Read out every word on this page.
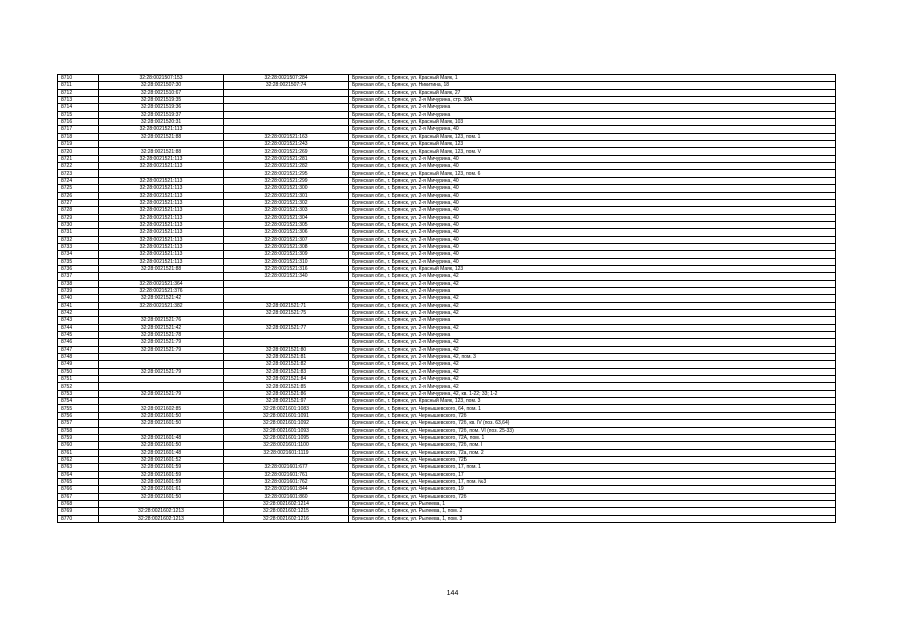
8710	32:28:0021507:153	32:28:0021507:284	Брянская обл., г. Брянск, ул. Красный Маяк, 1
8711	32:28:0021507:30	32:28:0021507:74	Брянская обл., г. Брянск, ул. Никитина, 18
8712	32:28:0021510:67		Брянская обл., г. Брянск, ул. Красный Маяк, 27
8713	32:28:0021519:35		Брянская обл., г. Брянск, ул. 2-я Мичурина, стр. 38А
8714	32:28:0021519:36		Брянская обл., г. Брянск, ул. 2-я Мичурина
8715	32:28:0021519:37		Брянская обл., г. Брянск, ул. 2-я Мичурина
8716	32:28:0021520:31		Брянская обл., г. Брянск, ул. Красный Маяк, 103
8717	32:28:0021521:113		Брянская обл., г. Брянск, ул. 2-я Мичурина, 40
8718	32:28:0021521:88	32:28:0021521:163	Брянская обл., г. Брянск, ул. Красный Маяк, 123, пом. 1
8719		32:28:0021521:243	Брянская обл., г. Брянск, ул. Красный Маяк, 123
8720	32:28:0021521:88	32:28:0021521:269	Брянская обл., г. Брянск, ул. Красный Маяк, 123, пом. V
8721	32:28:0021521:113	32:28:0021521:281	Брянская обл., г. Брянск, ул. 2-я Мичурина, 40
8722	32:28:0021521:113	32:28:0021521:282	Брянская обл., г. Брянск, ул. 2-я Мичурина, 40
8723		32:28:0021521:295	Брянская обл., г. Брянск, ул. Красный Маяк, 123, пом. 6
8724	32:28:0021521:113	32:28:0021521:299	Брянская обл., г. Брянск, ул. 2-я Мичурина, 40
8725	32:28:0021521:113	32:28:0021521:300	Брянская обл., г. Брянск, ул. 2-я Мичурина, 40
8726	32:28:0021521:113	32:28:0021521:301	Брянская обл., г. Брянск, ул. 2-я Мичурина, 40
8727	32:28:0021521:113	32:28:0021521:302	Брянская обл., г. Брянск, ул. 2-я Мичурина, 40
8728	32:28:0021521:113	32:28:0021521:303	Брянская обл., г. Брянск, ул. 2-я Мичурина, 40
8729	32:28:0021521:113	32:28:0021521:304	Брянская обл., г. Брянск, ул. 2-я Мичурина, 40
8730	32:28:0021521:113	32:28:0021521:305	Брянская обл., г. Брянск, ул. 2-я Мичурина, 40
8731	32:28:0021521:113	32:28:0021521:306	Брянская обл., г. Брянск, ул. 2-я Мичурина, 40
8732	32:28:0021521:113	32:28:0021521:307	Брянская обл., г. Брянск, ул. 2-я Мичурина, 40
8733	32:28:0021521:113	32:28:0021521:308	Брянская обл., г. Брянск, ул. 2-я Мичурина, 40
8734	32:28:0021521:113	32:28:0021521:309	Брянская обл., г. Брянск, ул. 2-я Мичурина, 40
8735	32:28:0021521:113	32:28:0021521:310	Брянская обл., г. Брянск, ул. 2-я Мичурина, 40
8736	32:28:0021521:88	32:28:0021521:316	Брянская обл., г. Брянск, ул. Красный Маяк, 123
8737		32:28:0021521:340	Брянская обл., г. Брянск, ул. 2-я Мичурина, 42
8738	32:28:0021521:364		Брянская обл., г. Брянск, ул. 2-я Мичурина, 42
8739	32:28:0021521:376		Брянская обл., г. Брянск, ул. 2-я Мичурина
8740	32:28:0021521:42		Брянская обл., г. Брянск, ул. 2-я Мичурина, 42
8741	32:28:0021521:382	32:28:0021521:71	Брянская обл., г. Брянск, ул. 2-я Мичурина, 42
8742		32:28:0021521:75	Брянская обл., г. Брянск, ул. 2-я Мичурина, 42
8743	32:28:0021521:76		Брянская обл., г. Брянск, ул. 2-я Мичурина
8744	32:28:0021521:42	32:28:0021521:77	Брянская обл., г. Брянск, ул. 2-я Мичурина, 42
8745	32:28:0021521:78		Брянская обл., г. Брянск, ул. 2-я Мичурина
8746	32:28:0021521:79		Брянская обл., г. Брянск, ул. 2-я Мичурина, 42
8747	32:28:0021521:79	32:28:0021521:80	Брянская обл., г. Брянск, ул. 2-я Мичурина, 42
8748		32:28:0021521:81	Брянская обл., г. Брянск, ул. 2-я Мичурина, 42, пом. 3
8749		32:28:0021521:82	Брянская обл., г. Брянск, ул. 2-я Мичурина, 42
8750	32:28:0021521:79	32:28:0021521:83	Брянская обл., г. Брянск, ул. 2-я Мичурина, 42
8751		32:28:0021521:84	Брянская обл., г. Брянск, ул. 2-я Мичурина, 42
8752		32:28:0021521:85	Брянская обл., г. Брянск, ул. 2-я Мичурина, 42
8753	32:28:0021521:79	32:28:0021521:86	Брянская обл., г. Брянск, ул. 2-я Мичурина, 42, кв. 1-22; 33; 1-2
8754		32:28:0021521:97	Брянская обл., г. Брянск, ул. Красный Маяк, 123, пом. 3
8755	32:28:0021602:85	32:28:0021601:1083	Брянская обл., г. Брянск, ул. Чернышевского, 64, пом. 1
8756	32:28:0021601:50	32:28:0021601:1091	Брянская обл., г. Брянск, ул. Чернышевского, 72б
8757	32:28:0021601:50	32:28:0021601:1092	Брянская обл., г. Брянск, ул. Чернышевского, 72б, кв. IV (поз. 63,64)
8758		32:28:0021601:1093	Брянская обл., г. Брянск, ул. Чернышевского, 72б, пом. VI (поз. 25-33)
8759	32:28:0021601:48	32:28:0021601:1095	Брянская обл., г. Брянск, ул. Чернышевского, 72А, пом. 1
8760	32:28:0021601:50	32:28:0021601:1100	Брянская обл., г. Брянск, ул. Чернышевского, 72б, пом. I
8761	32:28:0021601:48	32:28:0021601:1119	Брянская обл., г. Брянск, ул. Чернышевского, 72а, пом. 2
8762	32:28:0021601:52		Брянская обл., г. Брянск, ул. Чернышевского, 72Б
8763	32:28:0021601:59	32:28:0021601:677	Брянская обл., г. Брянск, ул. Чернышевского, 17, пом. 1
8764	32:28:0021601:59	32:28:0021601:761	Брянская обл., г. Брянск, ул. Чернышевского, 17
8765	32:28:0021601:59	32:28:0021601:762	Брянская обл., г. Брянск, ул. Чернышевского, 17, пом. №3
8766	32:28:0021601:61	32:28:0021601:844	Брянская обл., г. Брянск, ул. Чернышевского, 19
8767	32:28:0021601:50	32:28:0021601:860	Брянская обл., г. Брянск, ул. Чернышевского, 72б
8768		32:28:0021602:1214	Брянская обл., г. Брянск, ул. Рылеева, 1
8769	32:28:0021602:1213	32:28:0021602:1215	Брянская обл., г. Брянск, ул. Рылеева, 1, пом. 2
8770	32:28:0021602:1213	32:28:0021602:1216	Брянская обл., г. Брянск, ул. Рылеева, 1, пом. 3
144
